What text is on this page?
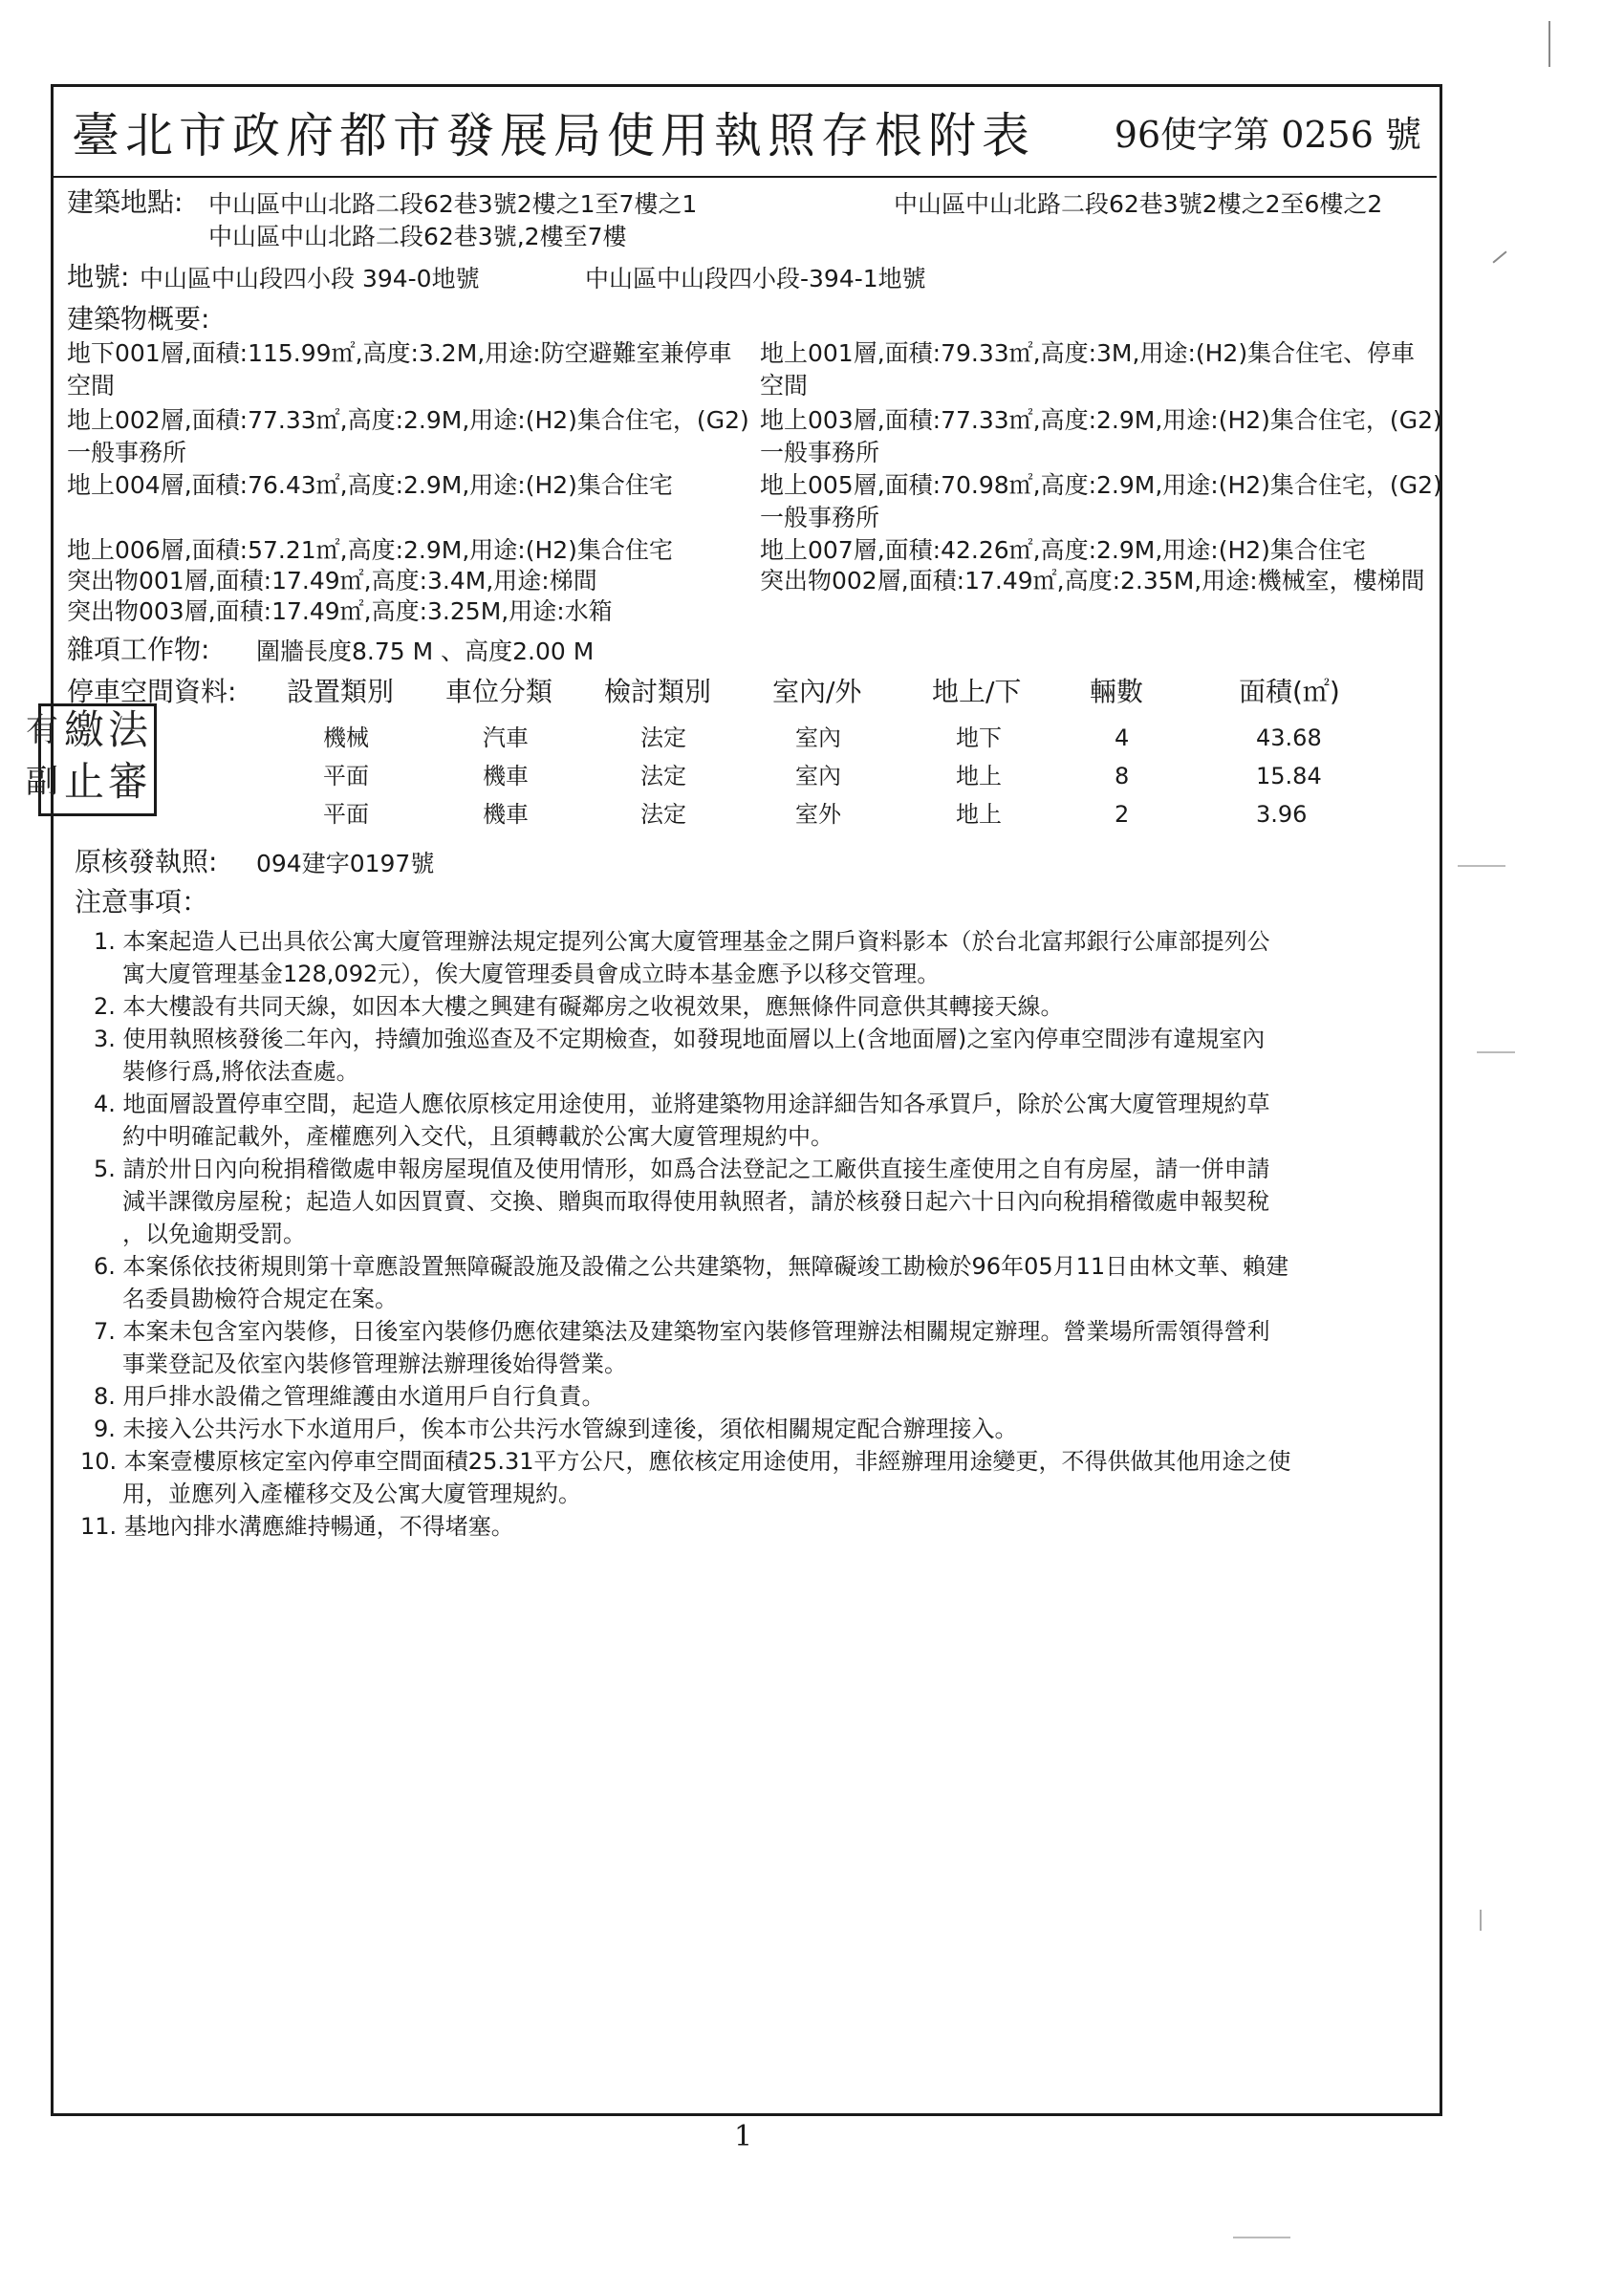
臺北市政府都市發展局使用執照存根附表 96使字第 0256 號
建築地點: 中山區中山北路二段62巷3號2樓之1至7樓之1	中山區中山北路二段62巷3號2樓之2至6樓之2
中山區中山北路二段62巷3號,2樓至7樓
地號: 中山區中山段四小段 394-0地號	中山區中山段四小段-394-1地號
建築物概要:
地下001層,面積:115.99㎡,高度:3.2M,用途:防空避難室兼停車
空間
地上001層,面積:79.33㎡,高度:3M,用途:(H2)集合住宅、停車
空間
地上002層,面積:77.33㎡,高度:2.9M,用途:(H2)集合住宅，(G2)
一般事務所
地上003層,面積:77.33㎡,高度:2.9M,用途:(H2)集合住宅，(G2)
一般事務所
地上004層,面積:76.43㎡,高度:2.9M,用途:(H2)集合住宅	地上005層,面積:70.98㎡,高度:2.9M,用途:(H2)集合住宅，(G2)
一般事務所
地上006層,面積:57.21㎡,高度:2.9M,用途:(H2)集合住宅	地上007層,面積:42.26㎡,高度:2.9M,用途:(H2)集合住宅
突出物001層,面積:17.49㎡,高度:3.4M,用途:梯間	突出物002層,面積:17.49㎡,高度:2.35M,用途:機械室，樓梯間
突出物003層,面積:17.49㎡,高度:3.25M,用途:水箱
雜項工作物: 圍牆長度8.75 M 、高度2.00 M
停車空間資料: 設置類別 車位分類 檢討類別 室內/外	地上/下	輛數	面積(㎡)
機械	汽車	法定	室內	地下	4	43.68
平面	機車	法定	室內	地上	8	15.84
平面	機車	法定	室外	地上	2	3.96
法
審
繳
止
有
副
原核發執照: 094建字0197號
注意事項：
1. 本案起造人已出具依公寓大廈管理辦法規定提列公寓大廈管理基金之開戶資料影本（於台北富邦銀行公庫部提列公
寓大廈管理基金128,092元），俟大廈管理委員會成立時本基金應予以移交管理。
2. 本大樓設有共同天線，如因本大樓之興建有礙鄰房之收視效果，應無條件同意供其轉接天線。
3. 使用執照核發後二年內，持續加強巡查及不定期檢查，如發現地面層以上(含地面層)之室內停車空間涉有違規室內
裝修行爲,將依法查處。
4. 地面層設置停車空間，起造人應依原核定用途使用，並將建築物用途詳細告知各承買戶，除於公寓大廈管理規約草
約中明確記載外，產權應列入交代，且須轉載於公寓大廈管理規約中。
5. 請於卅日內向稅捐稽徵處申報房屋現值及使用情形，如爲合法登記之工廠供直接生產使用之自有房屋，請一併申請
減半課徵房屋稅；起造人如因買賣、交換、贈與而取得使用執照者，請於核發日起六十日內向稅捐稽徵處申報契稅
，以免逾期受罰。
6. 本案係依技術規則第十章應設置無障礙設施及設備之公共建築物，無障礙竣工勘檢於96年05月11日由林文華、賴建
名委員勘檢符合規定在案。
7. 本案未包含室內裝修，日後室內裝修仍應依建築法及建築物室內裝修管理辦法相關規定辦理。營業場所需領得營利
事業登記及依室內裝修管理辦法辦理後始得營業。
8. 用戶排水設備之管理維護由水道用戶自行負責。
9. 未接入公共污水下水道用戶，俟本市公共污水管線到達後，須依相關規定配合辦理接入。
10. 本案壹樓原核定室內停車空間面積25.31平方公尺，應依核定用途使用，非經辦理用途變更，不得供做其他用途之使
用，並應列入產權移交及公寓大廈管理規約。
11. 基地內排水溝應維持暢通，不得堵塞。
1
